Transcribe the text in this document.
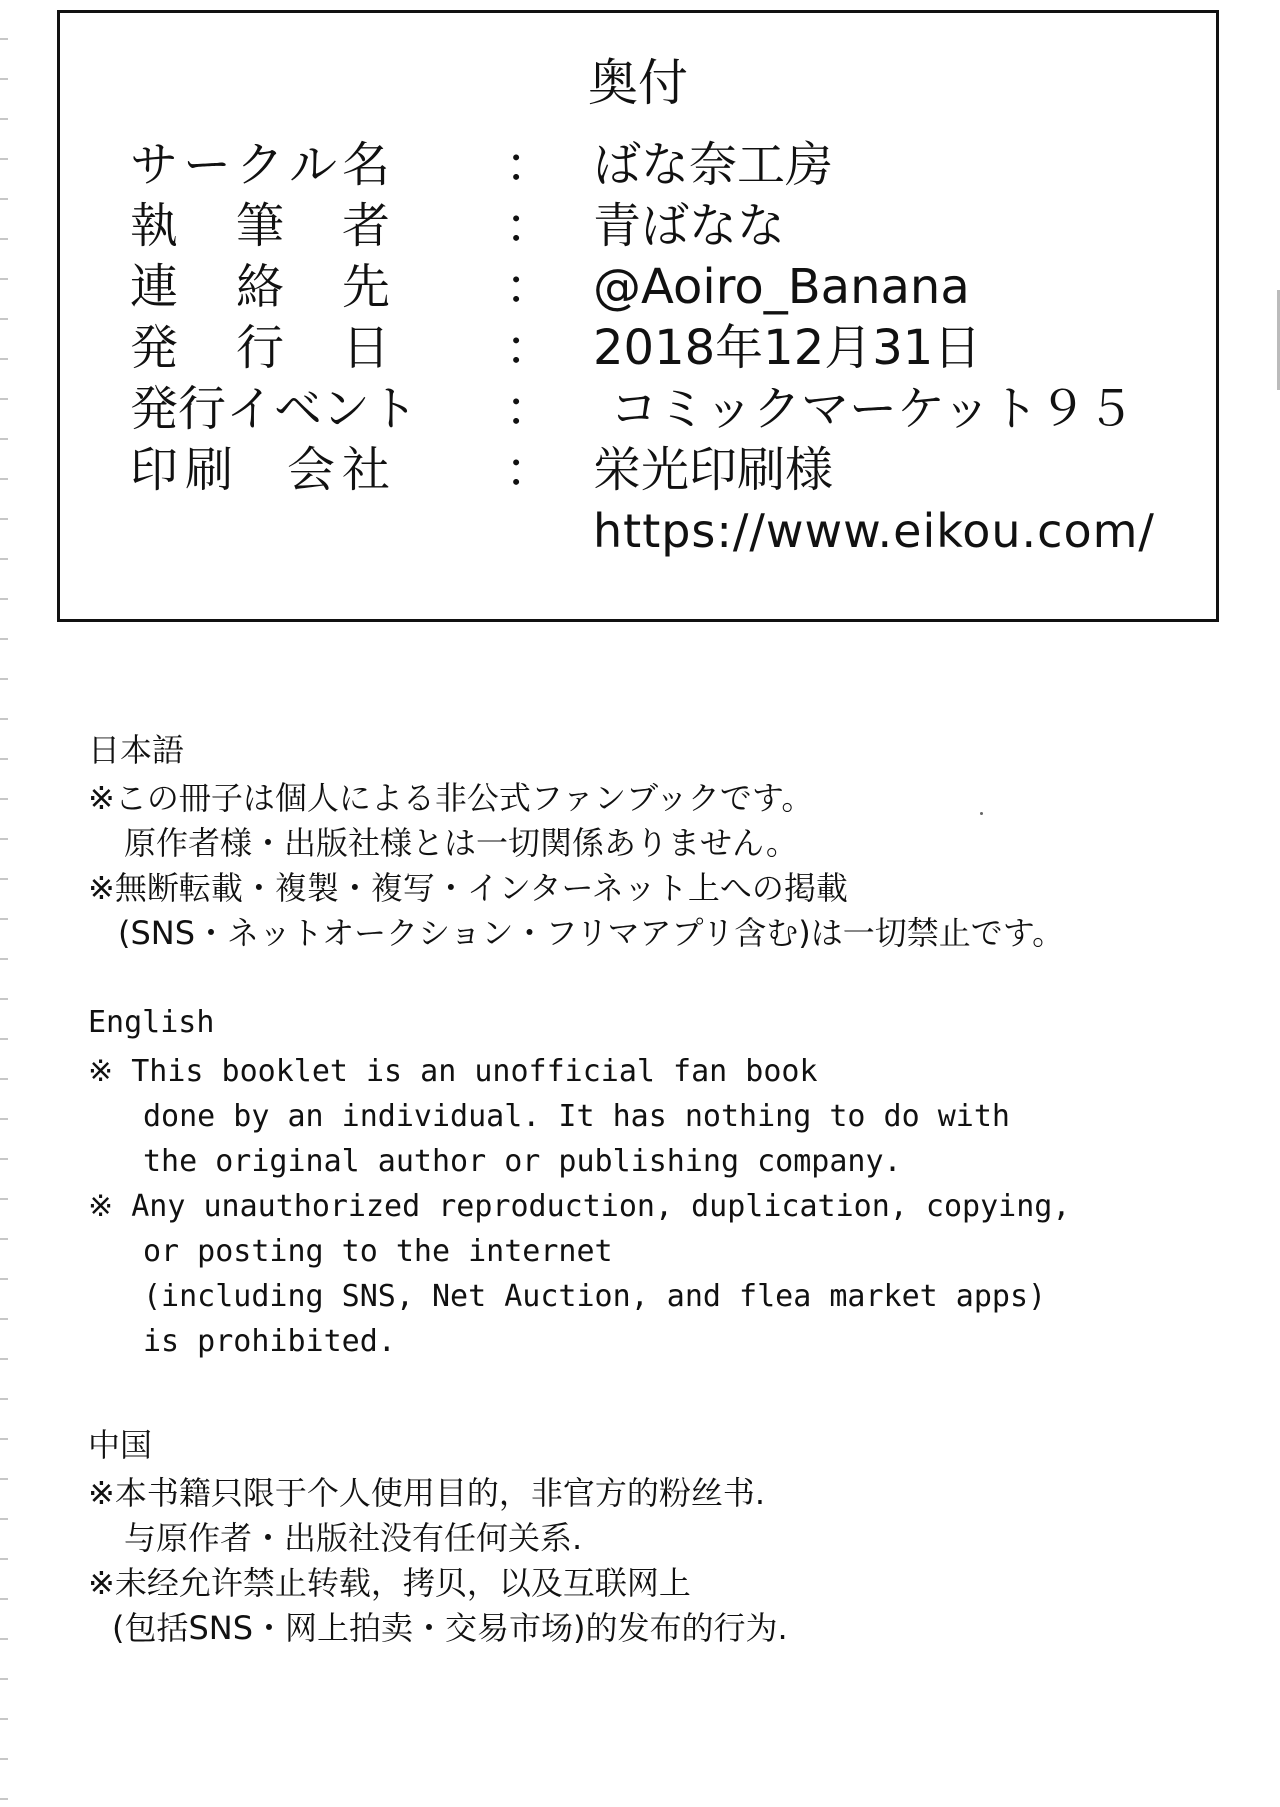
奥付
サ ー ク ル 名 ： ばな奈工房
執 筆 者 ： 青ばなな
連 絡 先 ： @Aoiro_Banana
発 行 日 ： 2018年12月31日
発行イベント ： コミックマーケット９５
印 刷 会 社 ： 栄光印刷様
https://www.eikou.com/
日本語
※この冊子は個人による非公式ファンブックです。
原作者様・出版社様とは一切関係ありません。
※無断転載・複製・複写・インターネット上への掲載
(SNS・ネットオークション・フリマアプリ含む)は一切禁止です。
English
※ This booklet is an unofficial fan book
done by an individual. It has nothing to do with
the original author or publishing company.
※ Any unauthorized reproduction, duplication, copying,
or posting to the internet
(including SNS, Net Auction, and flea market apps)
is prohibited.
中国
※本书籍只限于个人使用目的，非官方的粉丝书.
与原作者・出版社没有任何关系.
※未经允许禁止转载，拷贝，以及互联网上
(包括SNS・网上拍卖・交易市场)的发布的行为.
